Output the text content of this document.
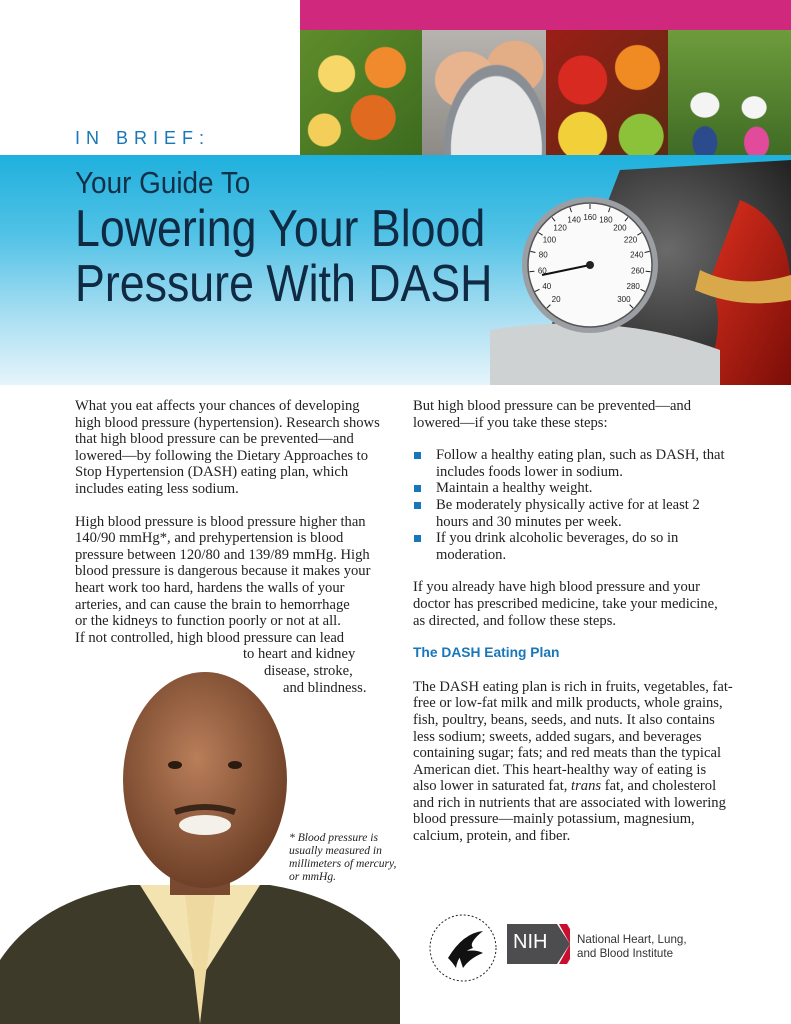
IN BRIEF:
Your Guide To
Lowering Your Blood
Pressure With DASH	20
40
60
80
100
120
140 160 180
200
220
240
260
280
300

What you eat affects your chances of developing high blood pressure (hypertension). Research shows that high blood pressure can be prevented—and lowered—by following the Dietary Approaches to Stop Hypertension (DASH) eating plan, which includes eating less sodium.

High blood pressure is blood pressure higher than
140/90 mmHg*, and prehypertension is blood
pressure between 120/80 and 139/89 mmHg. High
blood pressure is dangerous because it makes your
heart work too hard, hardens the walls of your
arteries, and can cause the brain to hemorrhage
or the kidneys to function poorly or not at all.
If not controlled, high blood pressure can lead
to heart and kidney
disease, stroke,
and blindness.
* Blood pressure is usually measured in millimeters of mercury, or mmHg.

But high blood pressure can be prevented—and lowered—if you take these steps:

Follow a healthy eating plan, such as DASH, that includes foods lower in sodium.
Maintain a healthy weight.
Be moderately physically active for at least 2 hours and 30 minutes per week.
If you drink alcoholic beverages, do so in moderation.

If you already have high blood pressure and your doctor has prescribed medicine, take your medicine, as directed, and follow these steps.

The DASH Eating Plan

The DASH eating plan is rich in fruits, vegetables, fat-free or low-fat milk and milk products, whole grains, fish, poultry, beans, seeds, and nuts. It also contains less sodium; sweets, added sugars, and beverages containing sugar; fats; and red meats than the typical American diet. This heart-healthy way of eating is also lower in saturated fat, trans fat, and cholesterol and rich in nutrients that are associated with lowering blood pressure—mainly potassium, magnesium, calcium, protein, and fiber.

NIH	National Heart, Lung,
and Blood Institute
